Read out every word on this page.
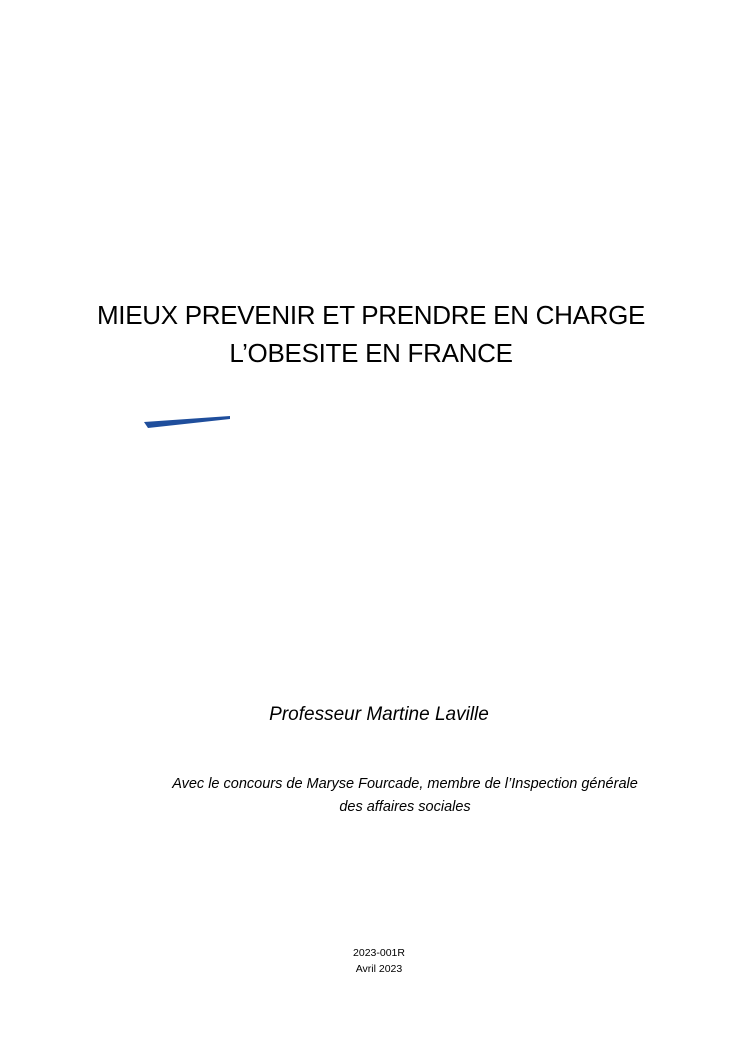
MIEUX PREVENIR ET PRENDRE EN CHARGE
L’OBESITE EN FRANCE
Professeur Martine Laville
Avec le concours de Maryse Fourcade, membre de l’Inspection générale
des affaires sociales
2023-001R
Avril 2023
